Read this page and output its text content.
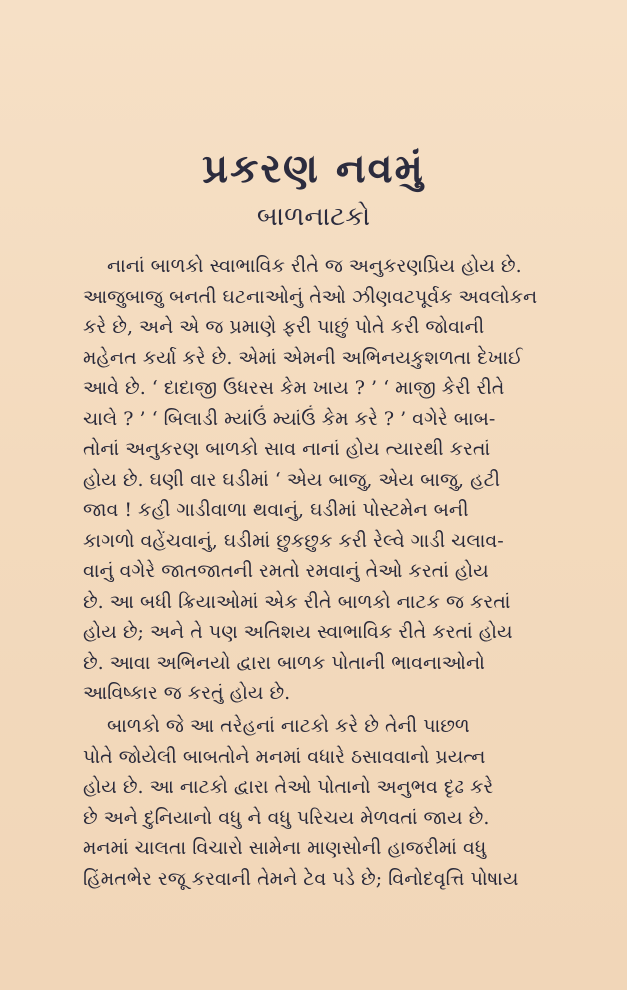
પ્રકરણ નવમું
બાળનાટકો
નાનાં બાળકો સ્વાભાવિક રીતે જ અનુકરણપ્રિય હોય છે.
આજુબાજુ બનતી ઘટનાઓનું તેઓ ઝીણવટપૂર્વક અવલોકન
કરે છે, અને એ જ પ્રમાણે ફરી પાછું પોતે કરી જોવાની
મહેનત કર્યા કરે છે. એમાં એમની અભિનયકુશળતા દેખાઈ
આવે છે. ‘ દાદાજી ઉધરસ કેમ ખાય ? ’ ‘ માજી કેરી રીતે
ચાલે ? ’ ‘ બિલાડી મ્યાંઉં મ્યાંઉં કેમ કરે ? ’ વગેરે બાબ-
તોનાં અનુકરણ બાળકો સાવ નાનાં હોય ત્યારથી કરતાં
હોય છે. ઘણી વાર ઘડીમાં ‘ એય બાજુ, એય બાજુ, હટી
જાવ ! કહી ગાડીવાળા થવાનું, ઘડીમાં પોસ્ટમેન બની
કાગળો વહેંચવાનું, ઘડીમાં છુકછુક કરી રેલ્વે ગાડી ચલાવ-
વાનું વગેરે જાતજાતની રમતો રમવાનું તેઓ કરતાં હોય
છે. આ બધી ક્રિયાઓમાં એક રીતે બાળકો નાટક જ કરતાં
હોય છે; અને તે પણ અતિશય સ્વાભાવિક રીતે કરતાં હોય
છે. આવા અભિનયો દ્વારા બાળક પોતાની ભાવનાઓનો
આવિષ્કાર જ કરતું હોય છે.
બાળકો જે આ તરેહનાં નાટકો કરે છે તેની પાછળ
પોતે જોયેલી બાબતોને મનમાં વધારે ઠસાવવાનો પ્રયત્ન
હોય છે. આ નાટકો દ્વારા તેઓ પોતાનો અનુભવ દૃઢ કરે
છે અને દુનિયાનો વધુ ને વધુ પરિચય મેળવતાં જાય છે.
મનમાં ચાલતા વિચારો સામેના માણસોની હાજરીમાં વધુ
હિંમતભેર રજૂ કરવાની તેમને ટેવ પડે છે; વિનોદવૃત્તિ પોષાય
